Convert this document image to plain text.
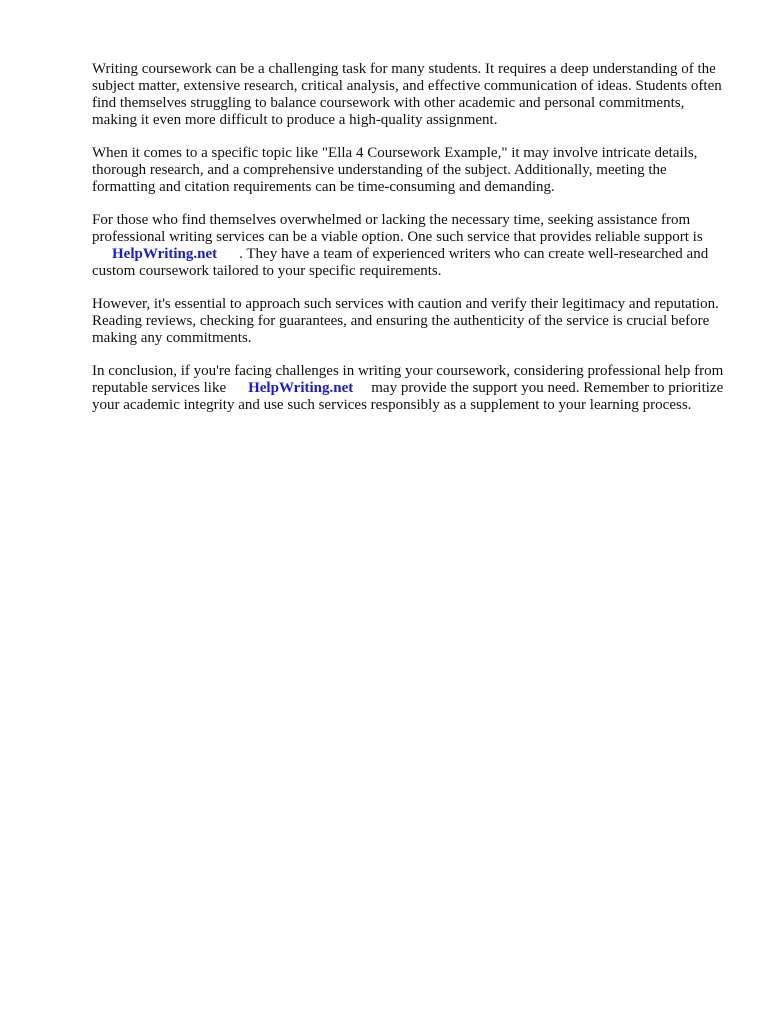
Writing coursework can be a challenging task for many students. It requires a deep understanding of the subject matter, extensive research, critical analysis, and effective communication of ideas. Students often find themselves struggling to balance coursework with other academic and personal commitments, making it even more difficult to produce a high-quality assignment.

When it comes to a specific topic like "Ella 4 Coursework Example," it may involve intricate details, thorough research, and a comprehensive understanding of the subject. Additionally, meeting the formatting and citation requirements can be time-consuming and demanding.

For those who find themselves overwhelmed or lacking the necessary time, seeking assistance from professional writing services can be a viable option. One such service that provides reliable support is
HelpWriting.net . They have a team of experienced writers who can create well-researched and custom coursework tailored to your specific requirements.

However, it's essential to approach such services with caution and verify their legitimacy and reputation. Reading reviews, checking for guarantees, and ensuring the authenticity of the service is crucial before making any commitments.

In conclusion, if you're facing challenges in writing your coursework, considering professional help from reputable services like HelpWriting.net may provide the support you need. Remember to prioritize your academic integrity and use such services responsibly as a supplement to your learning process.
